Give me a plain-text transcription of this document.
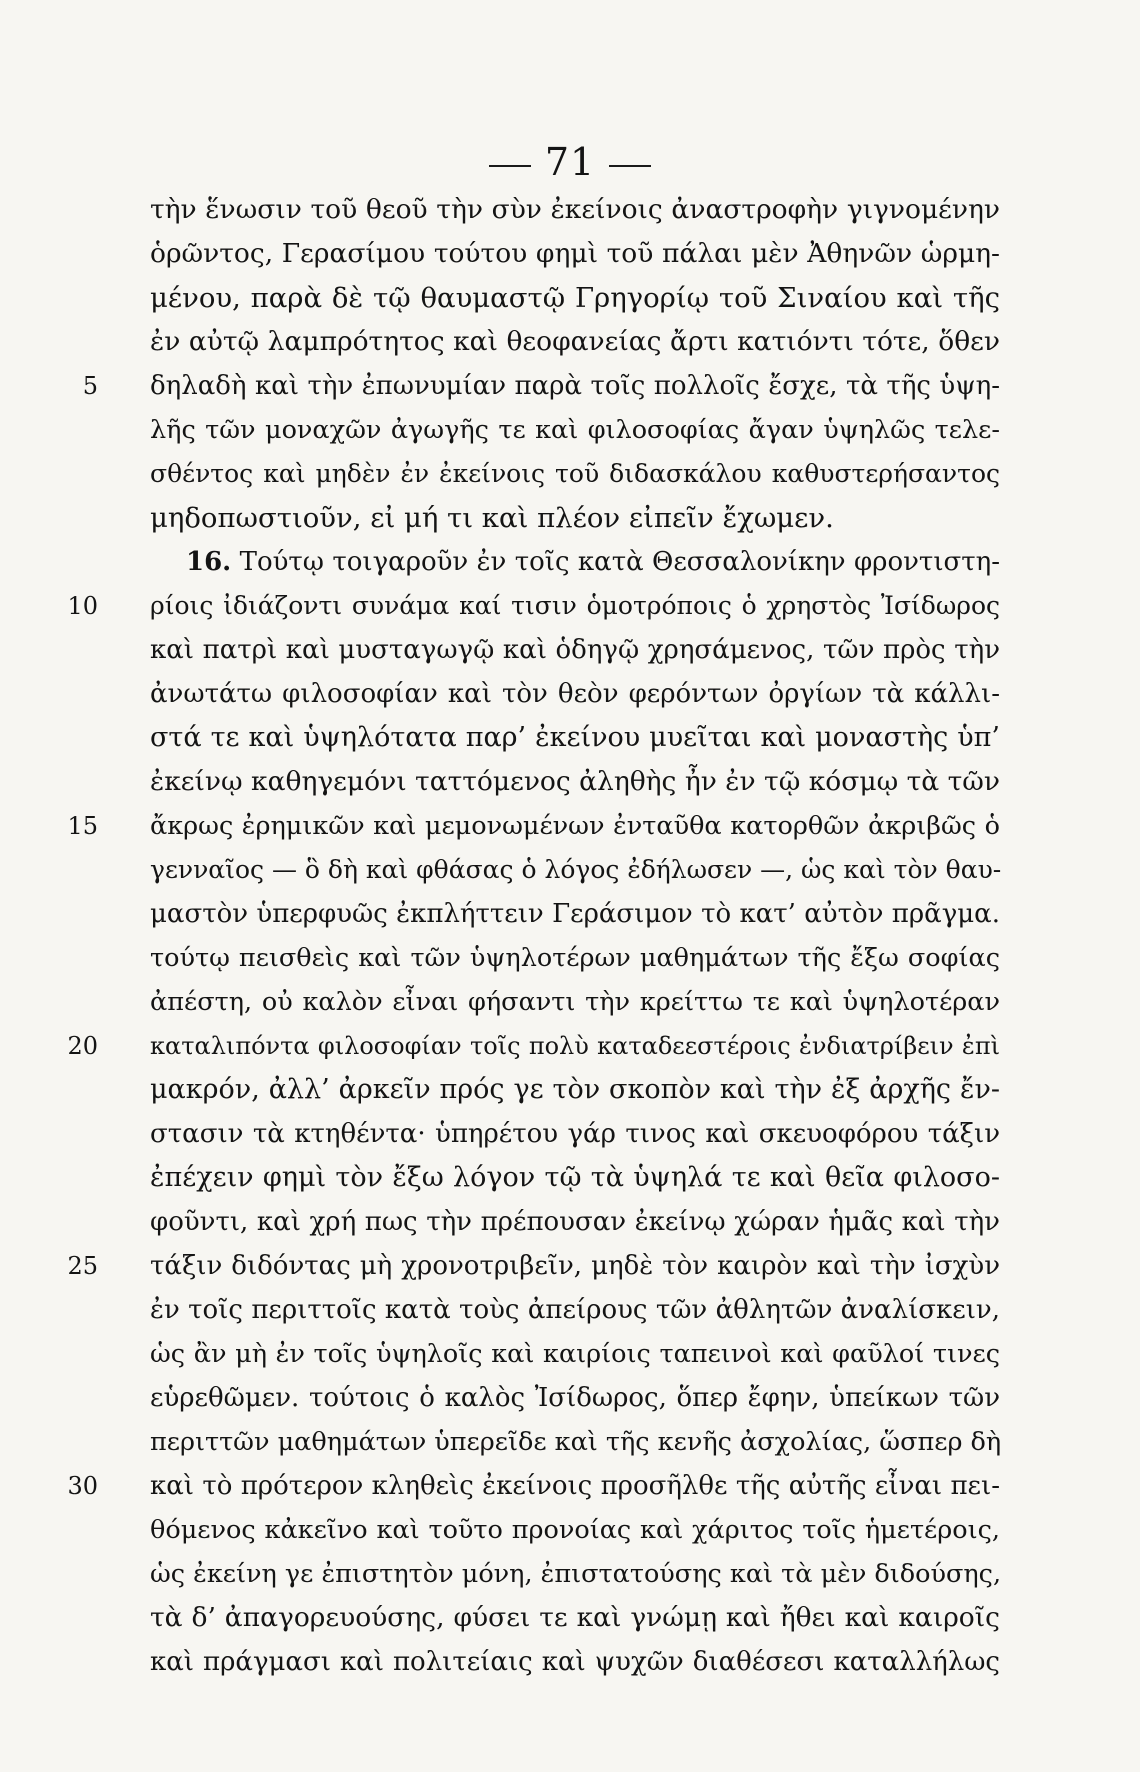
71
τὴν ἕνωσιν τοῦ θεοῦ τὴν σὺν ἐκείνοις ἀναστροφὴν γιγνομένην
ὁρῶντος, Γερασίμου τούτου φημὶ τοῦ πάλαι μὲν Ἀθηνῶν ὡρμη-
μένου, παρὰ δὲ τῷ θαυμαστῷ Γρηγορίῳ τοῦ Σιναίου καὶ τῆς
ἐν αὐτῷ λαμπρότητος καὶ θεοφανείας ἄρτι κατιόντι τότε, ὅθεν
5 δηλαδὴ καὶ τὴν ἐπωνυμίαν παρὰ τοῖς πολλοῖς ἔσχε, τὰ τῆς ὑψη-
λῆς τῶν μοναχῶν ἀγωγῆς τε καὶ φιλοσοφίας ἄγαν ὑψηλῶς τελε-
σθέντος καὶ μηδὲν ἐν ἐκείνοις τοῦ διδασκάλου καθυστερήσαντος
μηδοπωστιοῦν, εἰ μή τι καὶ πλέον εἰπεῖν ἔχωμεν.
16. Τούτῳ τοιγαροῦν ἐν τοῖς κατὰ Θεσσαλονίκην φροντιστη-
10 ρίοις ἰδιάζοντι συνάμα καί τισιν ὁμοτρόποις ὁ χρηστὸς Ἰσίδωρος
καὶ πατρὶ καὶ μυσταγωγῷ καὶ ὁδηγῷ χρησάμενος, τῶν πρὸς τὴν
ἀνωτάτω φιλοσοφίαν καὶ τὸν θεὸν φερόντων ὀργίων τὰ κάλλι-
στά τε καὶ ὑψηλότατα παρ’ ἐκείνου μυεῖται καὶ μοναστὴς ὑπ’
ἐκείνῳ καθηγεμόνι ταττόμενος ἀληθὴς ἦν ἐν τῷ κόσμῳ τὰ τῶν
15 ἄκρως ἐρημικῶν καὶ μεμονωμένων ἐνταῦθα κατορθῶν ἀκριβῶς ὁ
γενναῖος — ὃ δὴ καὶ φθάσας ὁ λόγος ἐδήλωσεν —, ὡς καὶ τὸν θαυ-
μαστὸν ὑπερφυῶς ἐκπλήττειν Γεράσιμον τὸ κατ’ αὐτὸν πρᾶγμα.
τούτῳ πεισθεὶς καὶ τῶν ὑψηλοτέρων μαθημάτων τῆς ἔξω σοφίας
ἀπέστη, οὐ καλὸν εἶναι φήσαντι τὴν κρείττω τε καὶ ὑψηλοτέραν
20 καταλιπόντα φιλοσοφίαν τοῖς πολὺ καταδεεστέροις ἐνδιατρίβειν ἐπὶ
μακρόν, ἀλλ’ ἀρκεῖν πρός γε τὸν σκοπὸν καὶ τὴν ἐξ ἀρχῆς ἔν-
στασιν τὰ κτηθέντα· ὑπηρέτου γάρ τινος καὶ σκευοφόρου τάξιν
ἐπέχειν φημὶ τὸν ἔξω λόγον τῷ τὰ ὑψηλά τε καὶ θεῖα φιλοσο-
φοῦντι, καὶ χρή πως τὴν πρέπουσαν ἐκείνῳ χώραν ἡμᾶς καὶ τὴν
25 τάξιν διδόντας μὴ χρονοτριβεῖν, μηδὲ τὸν καιρὸν καὶ τὴν ἰσχὺν
ἐν τοῖς περιττοῖς κατὰ τοὺς ἀπείρους τῶν ἀθλητῶν ἀναλίσκειν,
ὡς ἂν μὴ ἐν τοῖς ὑψηλοῖς καὶ καιρίοις ταπεινοὶ καὶ φαῦλοί τινες
εὑρεθῶμεν. τούτοις ὁ καλὸς Ἰσίδωρος, ὅπερ ἔφην, ὑπείκων τῶν
περιττῶν μαθημάτων ὑπερεῖδε καὶ τῆς κενῆς ἀσχολίας, ὥσπερ δὴ
30 καὶ τὸ πρότερον κληθεὶς ἐκείνοις προσῆλθε τῆς αὐτῆς εἶναι πει-
θόμενος κἀκεῖνο καὶ τοῦτο προνοίας καὶ χάριτος τοῖς ἡμετέροις,
ὡς ἐκείνη γε ἐπιστητὸν μόνη, ἐπιστατούσης καὶ τὰ μὲν διδούσης,
τὰ δ’ ἀπαγορευούσης, φύσει τε καὶ γνώμῃ καὶ ἤθει καὶ καιροῖς
καὶ πράγμασι καὶ πολιτείαις καὶ ψυχῶν διαθέσεσι καταλλήλως
